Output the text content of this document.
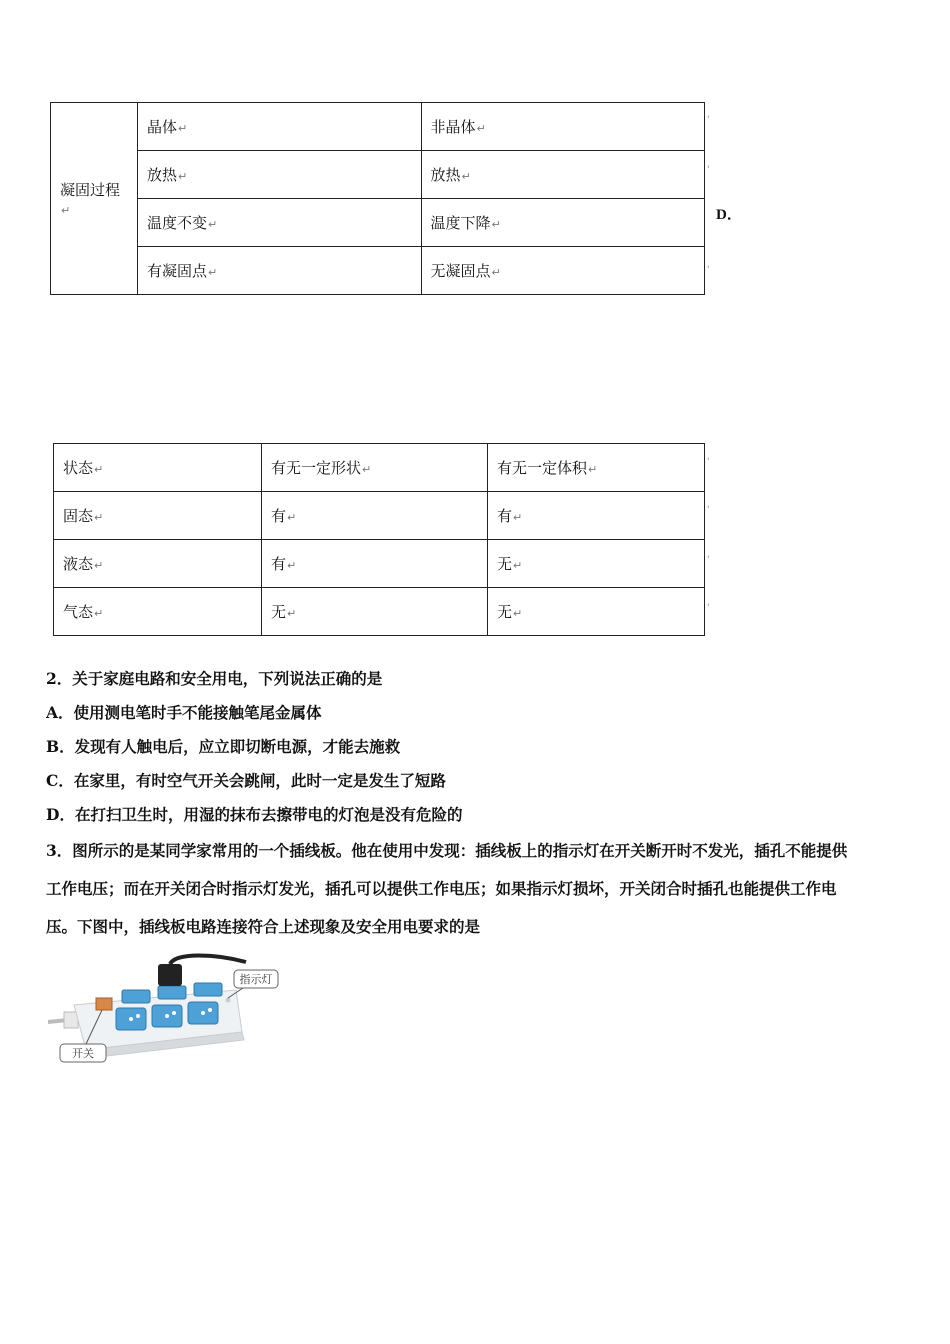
凝固过程↵	晶体↵	非晶体↵
	放热↵	放热↵
	温度不变↵	温度下降↵
	有凝固点↵	无凝固点↵
'
'
'
D．
状态↵	有无一定形状↵	有无一定体积↵
固态↵	有↵	有↵
液态↵	有↵	无↵
气态↵	无↵	无↵
'
'
'
'
2．关于家庭电路和安全用电，下列说法正确的是
A．使用测电笔时手不能接触笔尾金属体
B．发现有人触电后，应立即切断电源，才能去施救
C．在家里，有时空气开关会跳闸，此时一定是发生了短路
D．在打扫卫生时，用湿的抹布去擦带电的灯泡是没有危险的
3．图所示的是某同学家常用的一个插线板。他在使用中发现：插线板上的指示灯在开关断开时不发光，插孔不能提供
工作电压；而在开关闭合时指示灯发光，插孔可以提供工作电压；如果指示灯损坏，开关闭合时插孔也能提供工作电
压。下图中，插线板电路连接符合上述现象及安全用电要求的是
指示灯
开关
